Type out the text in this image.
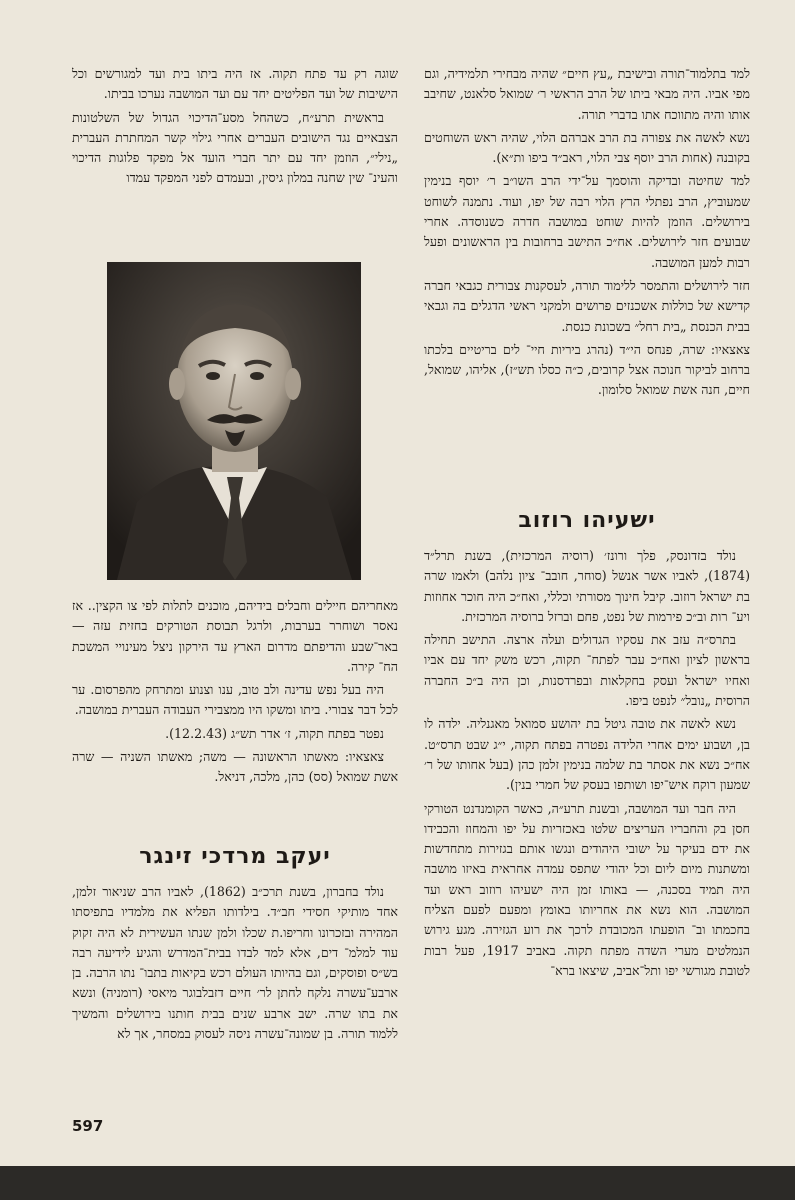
למד בתלמוד־תורה ובישיבת „עץ חיים״ שהיה מבחירי תלמידיה, וגם מפי אביו. היה מבאי ביתו של הרב הראשי ר׳ שמואל סלאנט, שחיבב אותו והיה מתווכח אתו בדברי תורה.

נשא לאשה את צפורה בת הרב אברהם הלוי, שהיה ראש השוחטים בקובנה (אחות הרב יוסף צבי הלוי, ראב״ד ביפו ות״א).

למד שחיטה ובדיקה והוסמך על־ידי הרב השו״ב ר׳ יוסף בנימין שמעוביץ, הרב נפתלי הרץ הלוי רבה של יפו, ועוד. נתמנה לשוחט בירושלים. הוזמן להיות שוחט במושבה חדרה כשנוסדה. אחרי שבועים חזר לירושלים. אח״כ התישב ברחובות בין הראשונים ופעל רבות למען המושבה.

חזר לירושלים והתמסר ללימוד תורה, לעסקנות צבורית כגבאי חברה קדישא של כוללות אשכנזים פרושים ולמקני ראשי הדגלים בה וגבאי בבית הכנסת „בית רחל״ בשכונת כנסת.

צאצאיו: שרה, פנחס הי״ד (נהרג ביריות חיי־ לים בריטיים בלכתו ברחוב לביקור חנוכה אצל קרובים, כ״ה כסלו תש״ז), אליהו, שמואל, חיים, חנה אשת שמואל סלומון.

ישעיהו רוזוב

נולד בזדונסק, פלך ורונז׳ (רוסיה המרכזית), בשנת תרל״ד (1874), לאביו אשר אנשל (סוחר, חובב־ ציון נלהב) ולאמו שרה בת ישראל רוזוב. קיבל חינוך מסורתי וכללי, ואח״כ היה חוכר אחוזות ויע־ רות וב״כ פירמות של נפט, פחם וברזל ברוסיה המרכזית.

בתרס״ה עזב את עסקיו הגדולים ועלה ארצה. התישב תחילה בראשון לציון ואח״כ עבר לפתח־ תקוה, רכש משק יחד עם אביו ואחיו ישראל ועסק בחקלאות ובפרדסנות, וכן היה ב״כ החברה הרוסית „נובל״ לנפט ביפו.

נשא לאשה את טובה גיטל בת יהושע סמואל מאגנליה. ילדה לו בן, ושבוע ימים אחרי הלידה נפטרה בפתח תקוה, י״ג שבט תרס״ט. אח״כ נשא את אסתר בת שלמה בנימין זלמן כהן (בעל אחותו של ר׳ שמעון רוקח איש־יפו ושותפו בעסק של חמרי בנין).

היה חבר ועד המושבה, ובשנת תרע״ה, כאשר הקומנדנט הטורקי חסן בק והחבריו העריצים שלטו באכזריות על יפו והמחוז והכבידו את ידם בעיקר על ישובי היהודים ונגשו אותם בגזירות מתחדשות ומשתנות מיום ליום וכל יהודי שתפס עמדה אחראית באיזו מושבה היה תמיד בסכנה, — באותו זמן היה ישעיהו רוזוב ראש ועד המושבה. הוא נשא את אחריותו באומץ ומפעם לפעם הצליח בחכמתו וב־ הופעתו המכובדת לרכך את רוע הגזירה. מגע גירוש הנמלטים מערי השדה מפתח תקוה. באביב 1917, פעל רבות לטובת מגורשי יפו ותל־אביב, שיצאו ברא־

שוגה רק עד פתח תקוה. אז היה ביתו בית ועד למגורשים וכל הישיבות של ועד הפליטים יחד עם ועד המושבה נערכו בביתו.

בראשית תרע״ח, כשהחל מסע־הדיכוי הגדול של השלטונות הצבאיים נגד הישובים העברים אחרי גילוי קשר המחתרת העברית „נילי״, הוזמן יחד עם יתר חברי הועד אל מפקד פלוגות הדיכוי והעינ־ שין שחנה במלון גיסין, ובעמדם לפני המפקד עמדו

מאחריהם חיילים וחבלים בידיהם, מוכנים לתלות לפי צו הקצין.. אז נאסר ושוחרר בערבות, ולרגל תבוסת הטורקים בחזית עזה — באר־שבע והדיפתם מדרום הארץ עד הירקון ניצל מעינויי המשכת הח־ קירה.

היה בעל נפש עדינה ולב טוב, ענו וצנוע ומתרחק מהפרסום. ער לכל דבר צבורי. ביתו ומשקו היו ממצבירי העבודה העברית במושבה.

נפטר בפתח תקוה, ז׳ אדר תש״ג (12.2.43).

צאצאיו: מאשתו הראשונה — משה; מאשתו השניה — שרה אשת שמואל (סס) כהן, מלכה, דניאל.

יעקב מרדכי זינגר

נולד בחברון, בשנת תרכ״ב (1862), לאביו הרב שניאור זלמן, אחד מותיקי חסידי חב״ד. בילדותו הפליא את מלמדיו בתפיסתו המהירה ובזכרונו וחריפו.ת שכלו ולמן שנתו העשירית לא היה זקוק עוד למלמ־ דים, אלא למד לבדו בבית־המדרש והגיע לידיעה רבה בש״ס ופוסקים, וגם בהיותו העולם רכש בקיאות בתבו־ נתו הרבה. בן ארבע־עשרה נלקח לחתן לר׳ חיים דזבלבוגר מיאסי (רומניה) ונשא את בתו שרה. ישב ארבע שנים בבית חותנו בירושלים והמשיך ללמוד תורה. בן שמונה־עשרה ניסה לעסוק במסחר, אך לא

597
